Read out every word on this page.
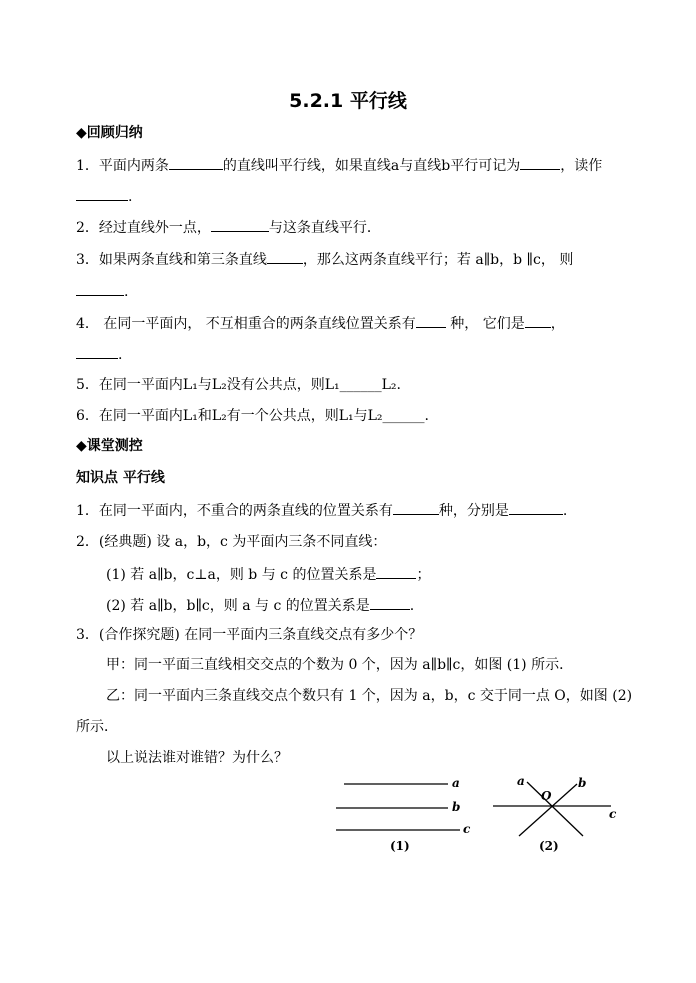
5.2.1 平行线
◆回顾归纳
1．平面内两条	的直线叫平行线，如果直线a与直线b平行可记为	，读作
.
2．经过直线外一点，	与这条直线平行．
3．如果两条直线和第三条直线	，那么这两条直线平行；若 a∥b，b ∥c， 则
.
4． 在同一平面内， 不互相重合的两条直线位置关系有 种， 它们是 ，
.
5．在同一平面内L₁与L₂没有公共点，则L₁______L₂.
6．在同一平面内L₁和L₂有一个公共点，则L₁与L₂______.
◆课堂测控
知识点 平行线
1．在同一平面内，不重合的两条直线的位置关系有	种，分别是	.
2．(经典题) 设 a，b，c 为平面内三条不同直线：
(1) 若 a∥b，c⊥a，则 b 与 c 的位置关系是	；
(2) 若 a∥b，b∥c，则 a 与 c 的位置关系是	.
3．(合作探究题) 在同一平面内三条直线交点有多少个？
甲：同一平面三直线相交交点的个数为 0 个，因为 a∥b∥c，如图 (1) 所示．
乙：同一平面内三条直线交点个数只有 1 个，因为 a，b，c 交于同一点 O，如图 (2)
所示．
以上说法谁对谁错？为什么？
a
b
c
(1)
a	b
c
O
(2)
